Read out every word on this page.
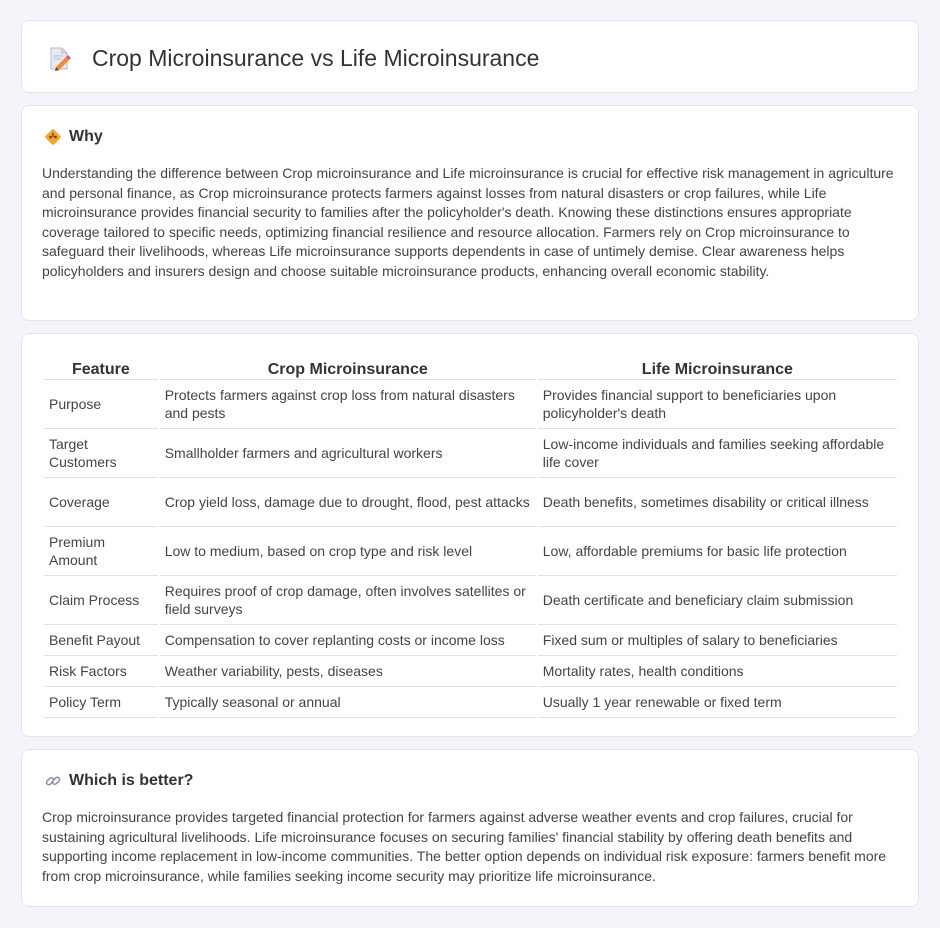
Crop Microinsurance vs Life Microinsurance
Why

Understanding the difference between Crop microinsurance and Life microinsurance is crucial for effective risk management in agriculture and personal finance, as Crop microinsurance protects farmers against losses from natural disasters or crop failures, while Life microinsurance provides financial security to families after the policyholder's death. Knowing these distinctions ensures appropriate coverage tailored to specific needs, optimizing financial resilience and resource allocation. Farmers rely on Crop microinsurance to safeguard their livelihoods, whereas Life microinsurance supports dependents in case of untimely demise. Clear awareness helps policyholders and insurers design and choose suitable microinsurance products, enhancing overall economic stability.

Feature	Crop Microinsurance	Life Microinsurance
Purpose	Protects farmers against crop loss from natural disasters and pests	Provides financial support to beneficiaries upon policyholder's death
Target Customers	Smallholder farmers and agricultural workers	Low-income individuals and families seeking affordable life cover
Coverage	Crop yield loss, damage due to drought, flood, pest attacks	Death benefits, sometimes disability or critical illness
Premium Amount	Low to medium, based on crop type and risk level	Low, affordable premiums for basic life protection
Claim Process	Requires proof of crop damage, often involves satellites or field surveys	Death certificate and beneficiary claim submission
Benefit Payout	Compensation to cover replanting costs or income loss	Fixed sum or multiples of salary to beneficiaries
Risk Factors	Weather variability, pests, diseases	Mortality rates, health conditions
Policy Term	Typically seasonal or annual	Usually 1 year renewable or fixed term
Which is better?

Crop microinsurance provides targeted financial protection for farmers against adverse weather events and crop failures, crucial for sustaining agricultural livelihoods. Life microinsurance focuses on securing families' financial stability by offering death benefits and supporting income replacement in low-income communities. The better option depends on individual risk exposure: farmers benefit more from crop microinsurance, while families seeking income security may prioritize life microinsurance.
